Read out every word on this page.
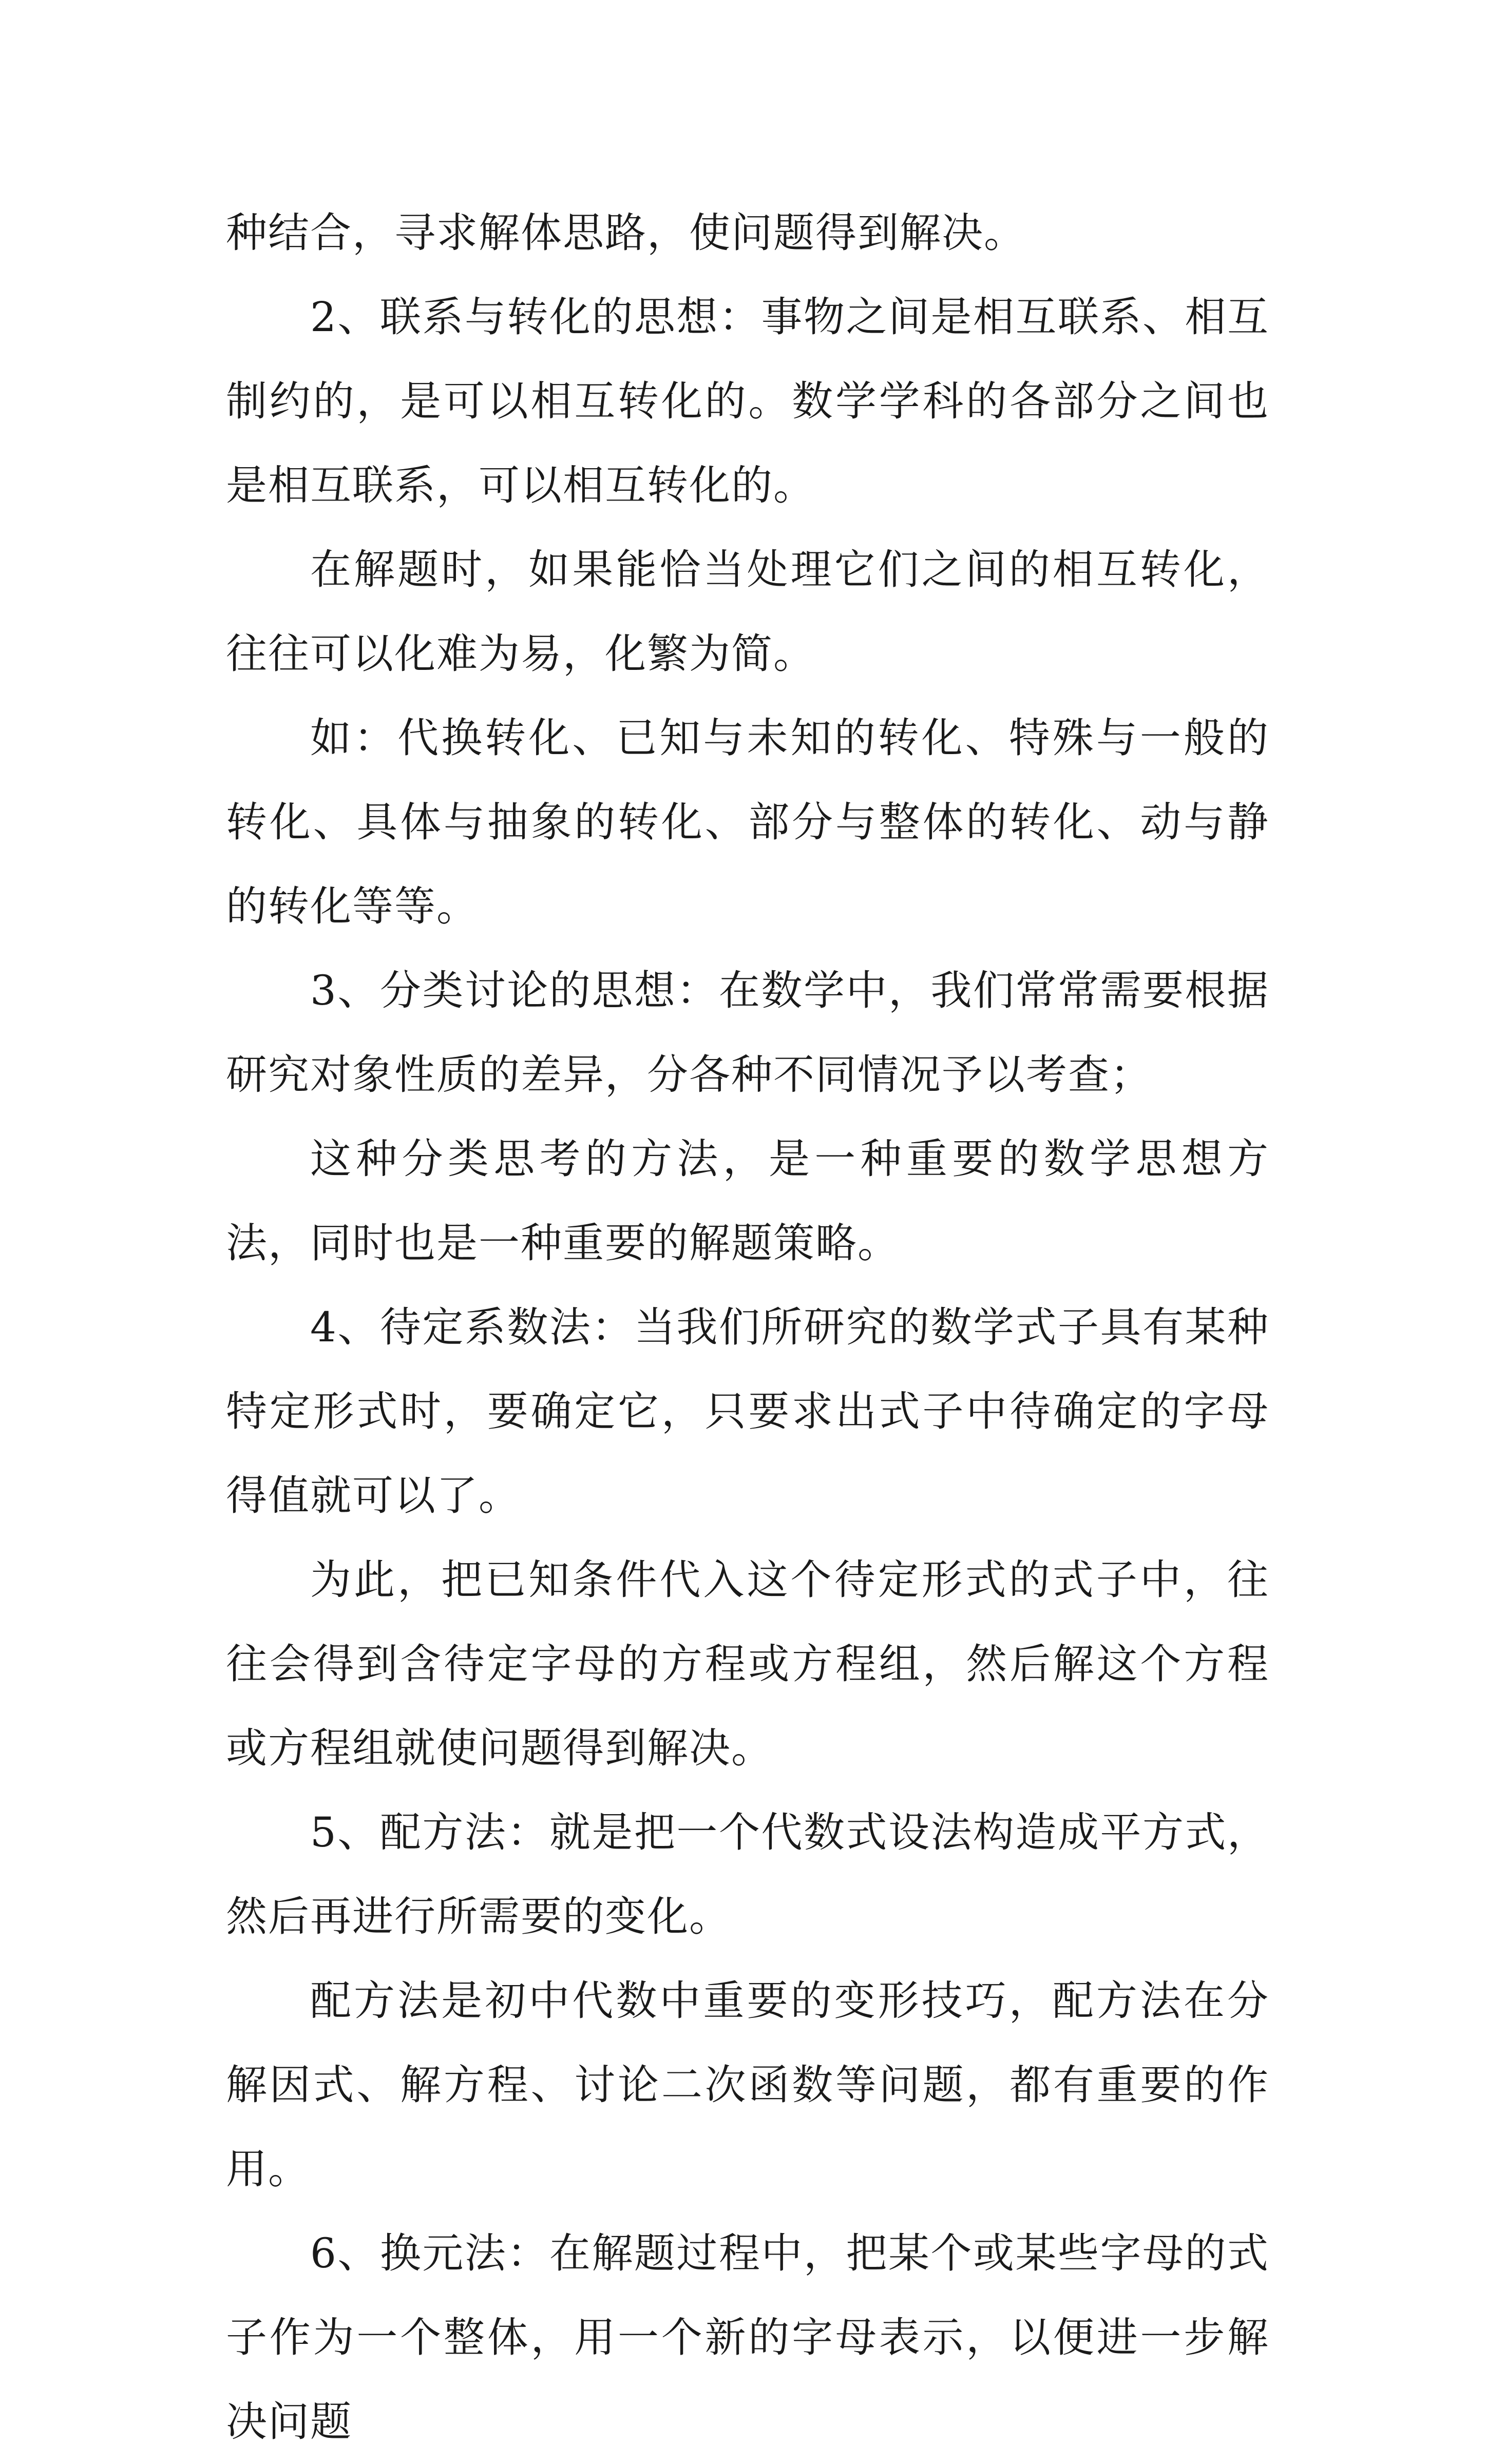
种结合，寻求解体思路，使问题得到解决。

2、联系与转化的思想：事物之间是相互联系、相互制约的，是可以相互转化的。数学学科的各部分之间也是相互联系，可以相互转化的。

在解题时，如果能恰当处理它们之间的相互转化，往往可以化难为易，化繁为简。

如：代换转化、已知与未知的转化、特殊与一般的转化、具体与抽象的转化、部分与整体的转化、动与静的转化等等。

3、分类讨论的思想：在数学中，我们常常需要根据研究对象性质的差异，分各种不同情况予以考查；

这种分类思考的方法，是一种重要的数学思想方法，同时也是一种重要的解题策略。

4、待定系数法：当我们所研究的数学式子具有某种特定形式时，要确定它，只要求出式子中待确定的字母得值就可以了。

为此，把已知条件代入这个待定形式的式子中，往往会得到含待定字母的方程或方程组，然后解这个方程或方程组就使问题得到解决。

5、配方法：就是把一个代数式设法构造成平方式，然后再进行所需要的变化。

配方法是初中代数中重要的变形技巧，配方法在分解因式、解方程、讨论二次函数等问题，都有重要的作用。

6、换元法：在解题过程中，把某个或某些字母的式子作为一个整体，用一个新的字母表示，以便进一步解决问题
